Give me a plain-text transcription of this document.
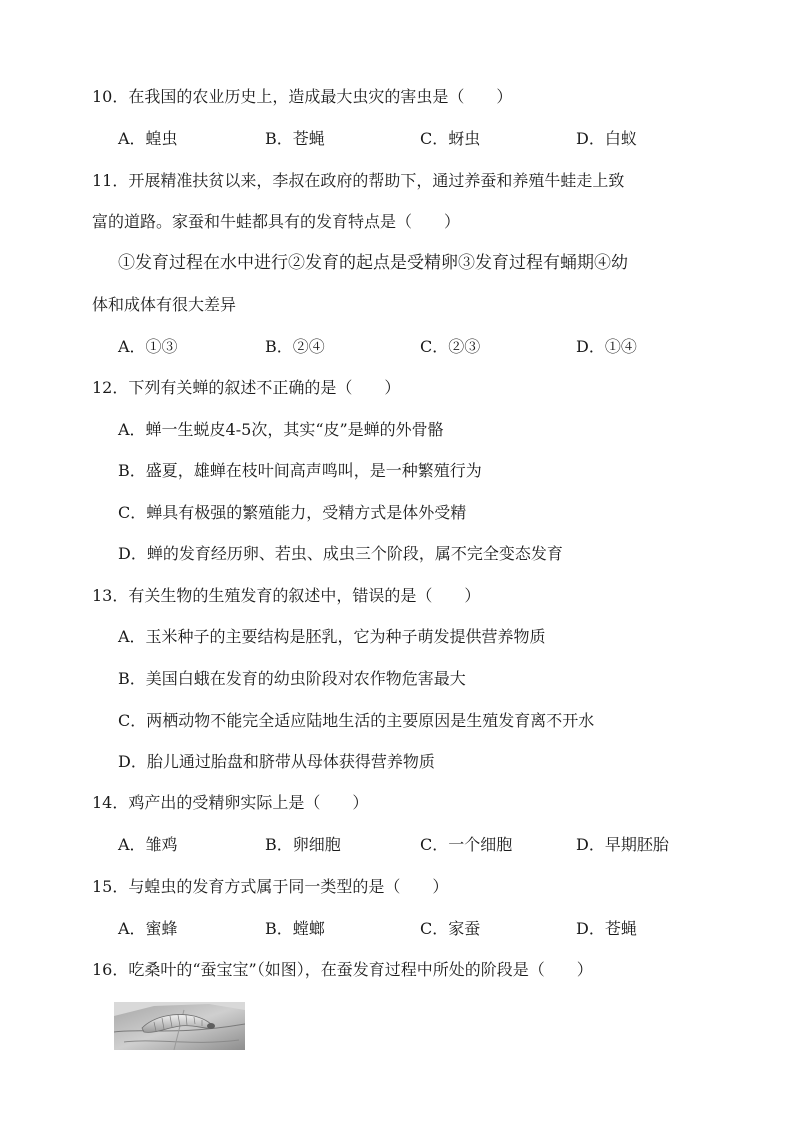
10．在我国的农业历史上，造成最大虫灾的害虫是（　　）
A．蝗虫	B．苍蝇	C．蚜虫	D．白蚁
11．开展精准扶贫以来，李叔在政府的帮助下，通过养蚕和养殖牛蛙走上致
富的道路。家蚕和牛蛙都具有的发育特点是（　　）
①发育过程在水中进行②发育的起点是受精卵③发育过程有蛹期④幼
体和成体有很大差异
A．①③	B．②④	C．②③	D．①④
12．下列有关蝉的叙述不正确的是（　　）
A．蝉一生蜕皮4-5次，其实“皮”是蝉的外骨骼
B．盛夏，雄蝉在枝叶间高声鸣叫，是一种繁殖行为
C．蝉具有极强的繁殖能力，受精方式是体外受精
D．蝉的发育经历卵、若虫、成虫三个阶段，属不完全变态发育
13．有关生物的生殖发育的叙述中，错误的是（　　）
A．玉米种子的主要结构是胚乳，它为种子萌发提供营养物质
B．美国白蛾在发育的幼虫阶段对农作物危害最大
C．两栖动物不能完全适应陆地生活的主要原因是生殖发育离不开水
D．胎儿通过胎盘和脐带从母体获得营养物质
14．鸡产出的受精卵实际上是（　　）
A．雏鸡	B．卵细胞	C．一个细胞	D．早期胚胎
15．与蝗虫的发育方式属于同一类型的是（　　）
A．蜜蜂	B．螳螂	C．家蚕	D．苍蝇
16．吃桑叶的“蚕宝宝”（如图），在蚕发育过程中所处的阶段是（　　）
